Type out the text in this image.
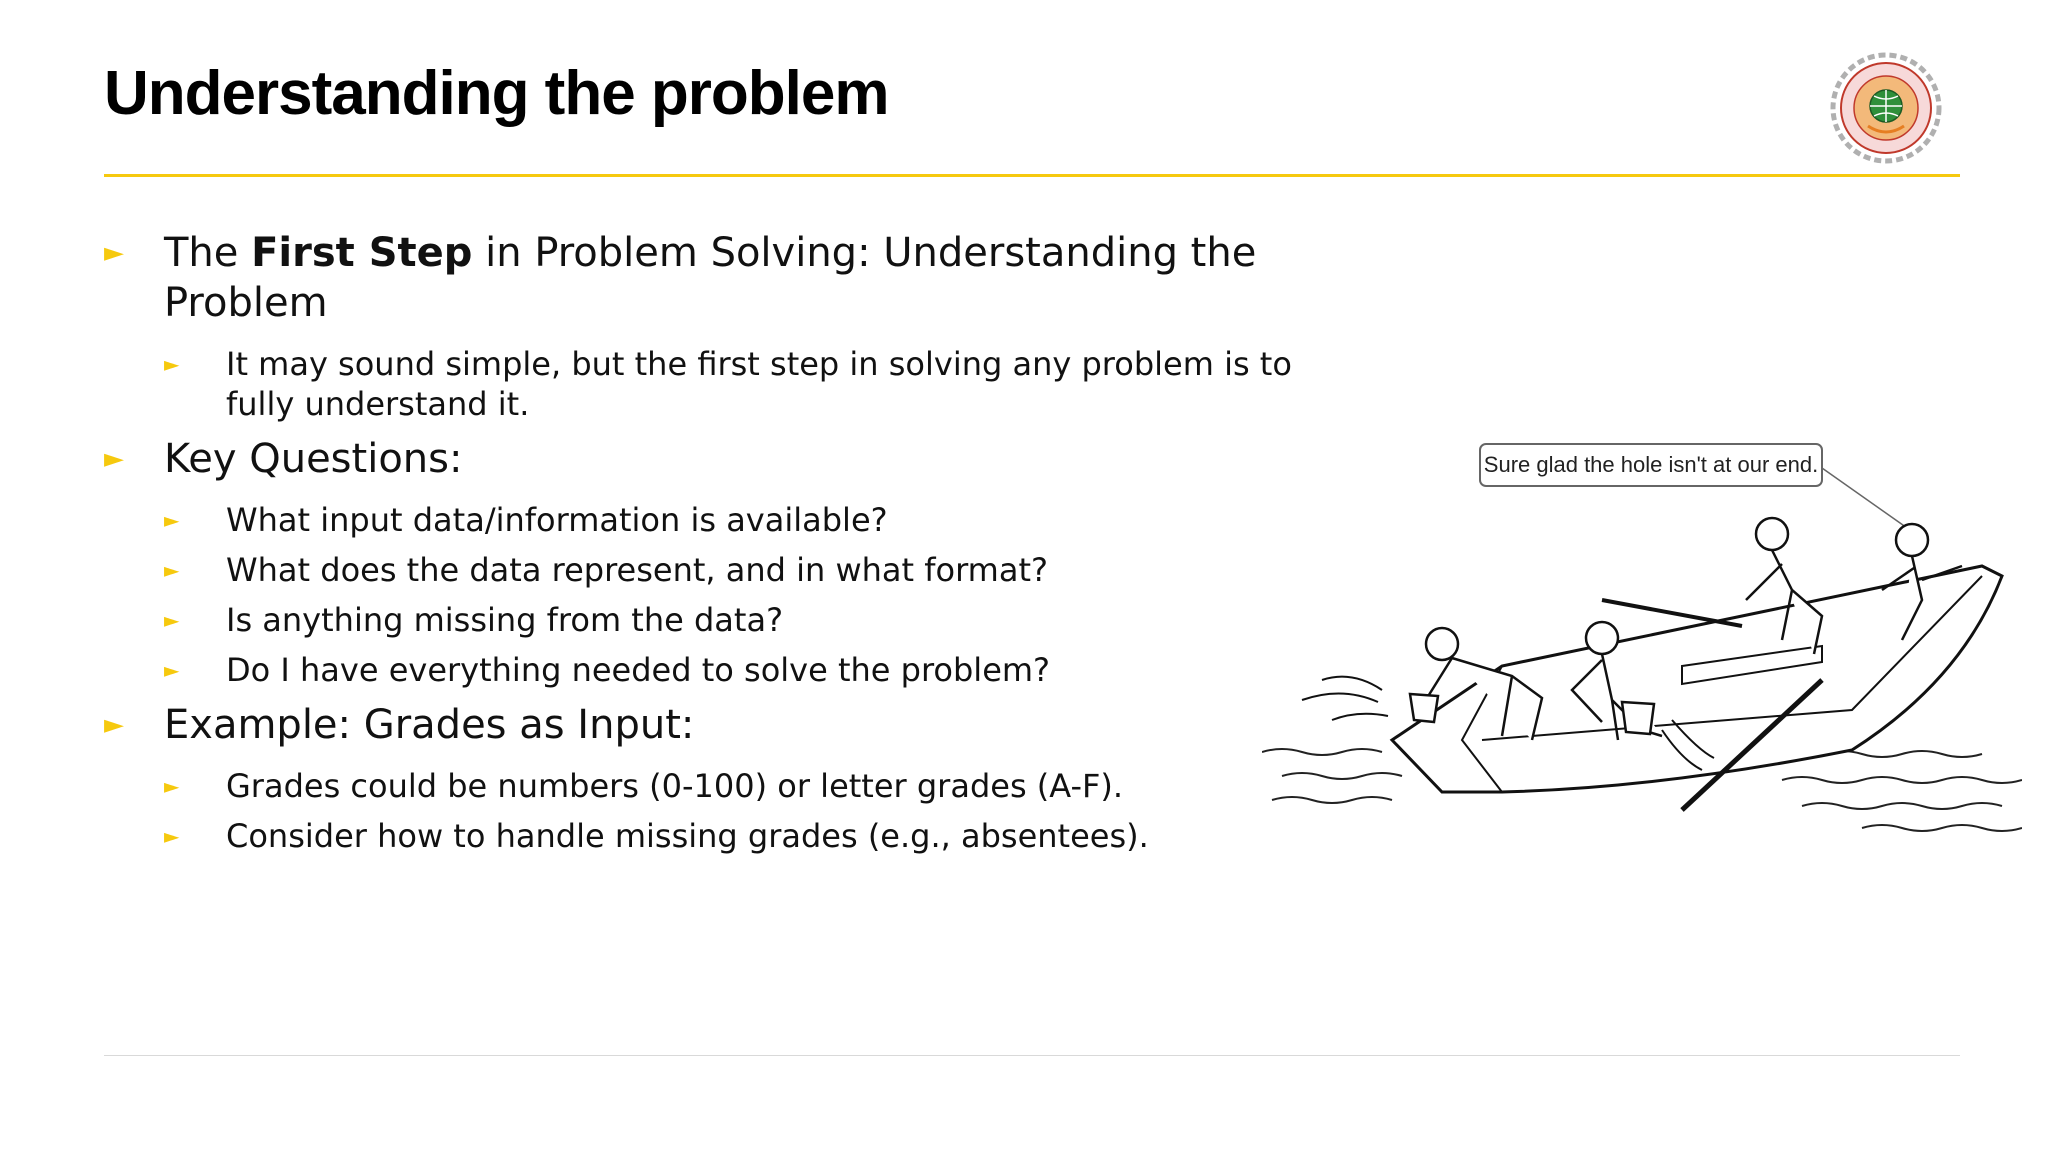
Understanding the problem
► The First Step in Problem Solving: Understanding the Problem
► It may sound simple, but the first step in solving any problem is to fully understand it.
► Key Questions:
► What input data/information is available?
► What does the data represent, and in what format?
► Is anything missing from the data?
► Do I have everything needed to solve the problem?
► Example: Grades as Input:
► Grades could be numbers (0-100) or letter grades (A-F).
► Consider how to handle missing grades (e.g., absentees).
Sure glad the hole isn't at our end.
